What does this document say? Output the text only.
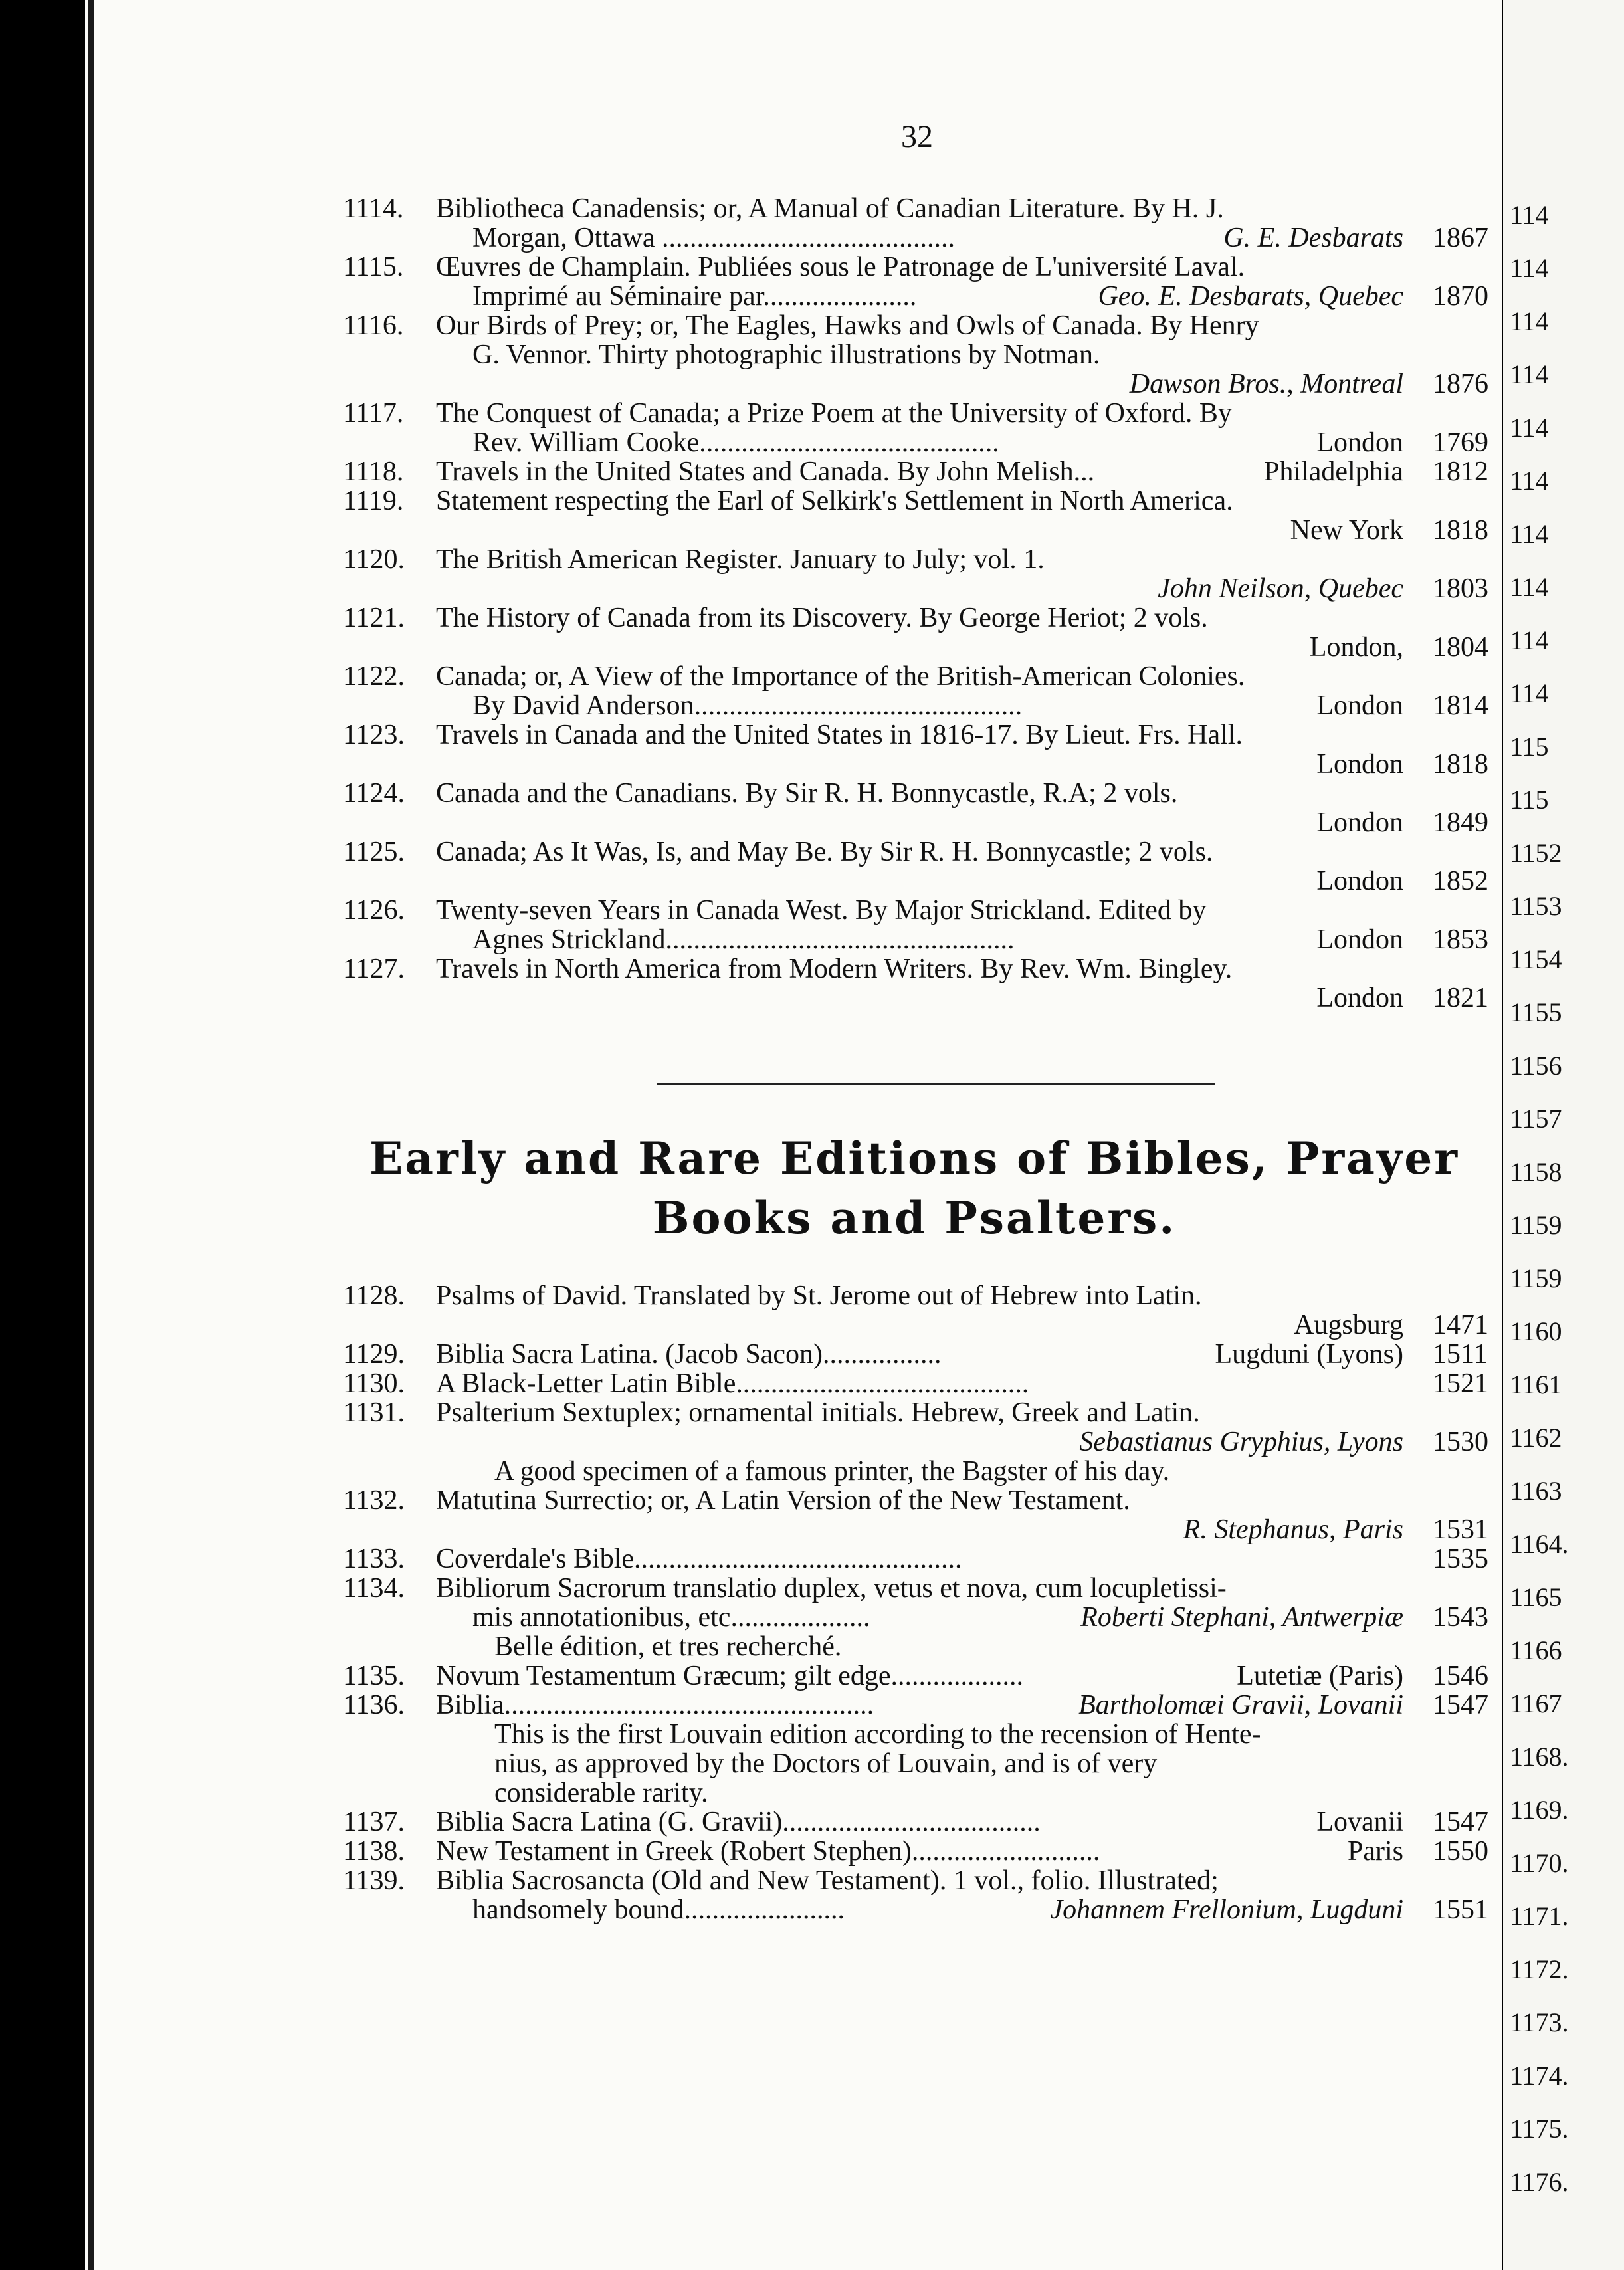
32
1114.	Bibliotheca Canadensis; or, A Manual of Canadian Literature. By H. J.
Morgan, Ottawa ..........................................	G. E. Desbarats 1867
1115.	Œuvres de Champlain. Publiées sous le Patronage de L'université Laval.
Imprimé au Séminaire par......................	Geo. E. Desbarats, Quebec 1870
1116.	Our Birds of Prey; or, The Eagles, Hawks and Owls of Canada. By Henry
G. Vennor. Thirty photographic illustrations by Notman.
Dawson Bros., Montreal 1876
1117.	The Conquest of Canada; a Prize Poem at the University of Oxford. By
Rev. William Cooke...........................................	London 1769
1118.	Travels in the United States and Canada. By John Melish...	Philadelphia 1812
1119.	Statement respecting the Earl of Selkirk's Settlement in North America.
New York 1818
1120.	The British American Register. January to July; vol. 1.
John Neilson, Quebec 1803
1121.	The History of Canada from its Discovery. By George Heriot; 2 vols.
London, 1804
1122.	Canada; or, A View of the Importance of the British-American Colonies.
By David Anderson...............................................	London 1814
1123.	Travels in Canada and the United States in 1816-17. By Lieut. Frs. Hall.
London 1818
1124.	Canada and the Canadians. By Sir R. H. Bonnycastle, R.A; 2 vols.
London 1849
1125.	Canada; As It Was, Is, and May Be. By Sir R. H. Bonnycastle; 2 vols.
London 1852
1126.	Twenty-seven Years in Canada West. By Major Strickland. Edited by
Agnes Strickland..................................................	London 1853
1127.	Travels in North America from Modern Writers. By Rev. Wm. Bingley.
London 1821
Early and Rare Editions of Bibles, Prayer
Books and Psalters.
1128.	Psalms of David. Translated by St. Jerome out of Hebrew into Latin.
Augsburg 1471
1129.	Biblia Sacra Latina. (Jacob Sacon).................	Lugduni (Lyons) 1511
1130.	A Black-Letter Latin Bible..........................................	1521
1131.	Psalterium Sextuplex; ornamental initials. Hebrew, Greek and Latin.
Sebastianus Gryphius, Lyons 1530
A good specimen of a famous printer, the Bagster of his day.
1132.	Matutina Surrectio; or, A Latin Version of the New Testament.
R. Stephanus, Paris 1531
1133.	Coverdale's Bible...............................................	1535
1134.	Bibliorum Sacrorum translatio duplex, vetus et nova, cum locupletissi-
mis annotationibus, etc....................	Roberti Stephani, Antwerpiæ 1543
Belle édition, et tres recherché.
1135.	Novum Testamentum Græcum; gilt edge...................	Lutetiæ (Paris) 1546
1136.	Biblia.....................................................	Bartholomæi Gravii, Lovanii 1547
This is the first Louvain edition according to the recension of Hente-
nius, as approved by the Doctors of Louvain, and is of very
considerable rarity.
1137.	Biblia Sacra Latina (G. Gravii).....................................	Lovanii 1547
1138.	New Testament in Greek (Robert Stephen)...........................	Paris 1550
1139.	Biblia Sacrosancta (Old and New Testament). 1 vol., folio. Illustrated;
handsomely bound.......................	Johannem Frellonium, Lugduni 1551
114
114
114
114
114
114
114
114
114
114
115
115
1152
1153
1154
1155
1156
1157
1158
1159
1159
1160
1161
1162
1163
1164.
1165
1166
1167
1168.
1169.
1170.
1171.
1172.
1173.
1174.
1175.
1176.
